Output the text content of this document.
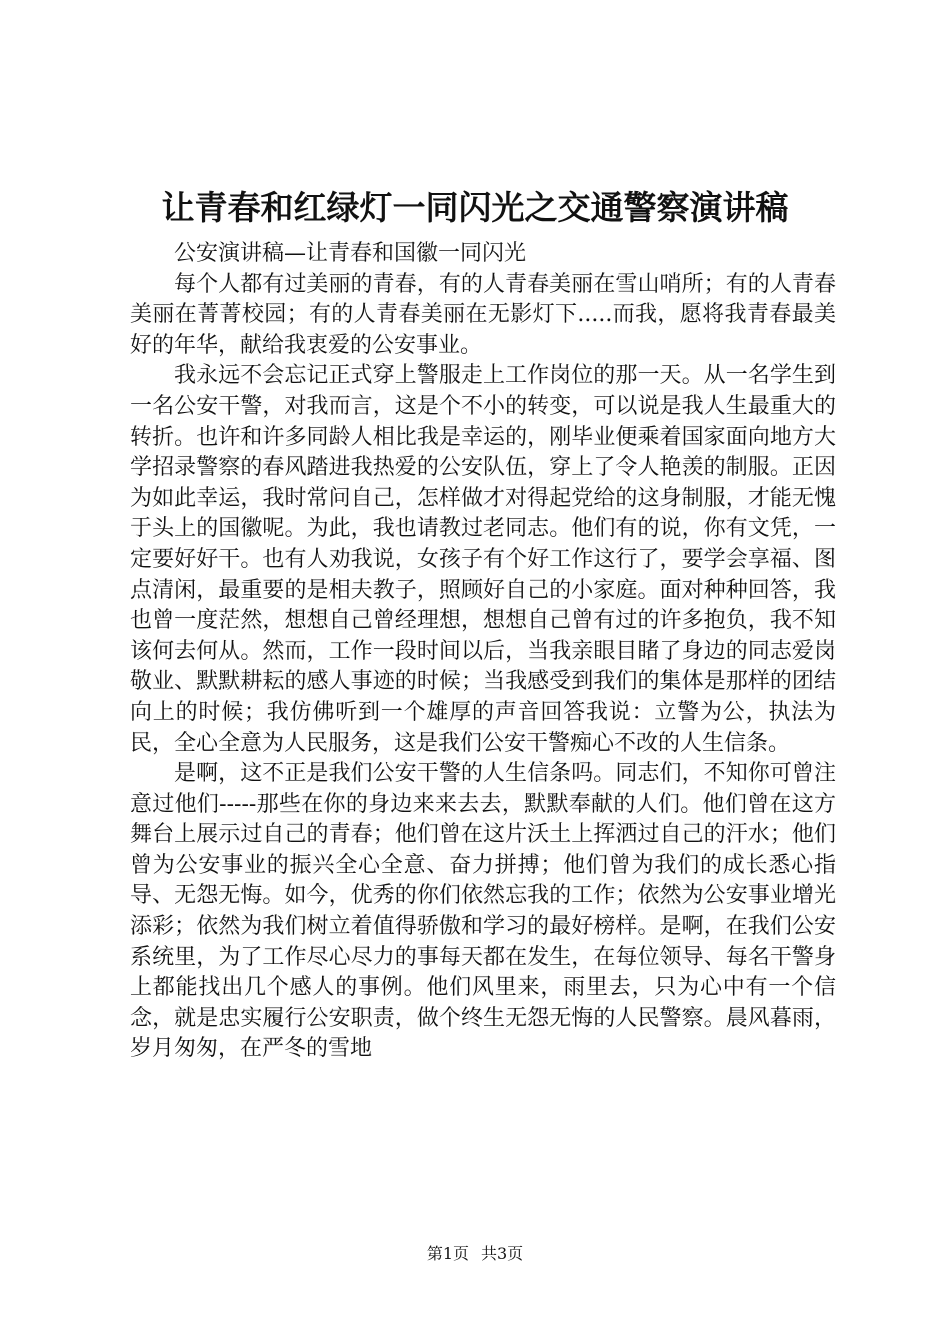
让青春和红绿灯一同闪光之交通警察演讲稿

公安演讲稿—让青春和国徽一同闪光

每个人都有过美丽的青春，有的人青春美丽在雪山哨所；有的人青春美丽在菁菁校园；有的人青春美丽在无影灯下.....而我，愿将我青春最美好的年华，献给我衷爱的公安事业。

我永远不会忘记正式穿上警服走上工作岗位的那一天。从一名学生到一名公安干警，对我而言，这是个不小的转变，可以说是我人生最重大的转折。也许和许多同龄人相比我是幸运的，刚毕业便乘着国家面向地方大学招录警察的春风踏进我热爱的公安队伍，穿上了令人艳羡的制服。正因为如此幸运，我时常问自己，怎样做才对得起党给的这身制服，才能无愧于头上的国徽呢。为此，我也请教过老同志。他们有的说，你有文凭，一定要好好干。也有人劝我说，女孩子有个好工作这行了，要学会享福、图点清闲，最重要的是相夫教子，照顾好自己的小家庭。面对种种回答，我也曾一度茫然，想想自己曾经理想，想想自己曾有过的许多抱负，我不知该何去何从。然而，工作一段时间以后，当我亲眼目睹了身边的同志爱岗敬业、默默耕耘的感人事迹的时候；当我感受到我们的集体是那样的团结向上的时候；我仿佛听到一个雄厚的声音回答我说：立警为公，执法为民，全心全意为人民服务，这是我们公安干警痴心不改的人生信条。

是啊，这不正是我们公安干警的人生信条吗。同志们，不知你可曾注意过他们-----那些在你的身边来来去去，默默奉献的人们。他们曾在这方舞台上展示过自己的青春；他们曾在这片沃土上挥洒过自己的汗水；他们曾为公安事业的振兴全心全意、奋力拼搏；他们曾为我们的成长悉心指导、无怨无悔。如今，优秀的你们依然忘我的工作；依然为公安事业增光添彩；依然为我们树立着值得骄傲和学习的最好榜样。是啊，在我们公安系统里，为了工作尽心尽力的事每天都在发生，在每位领导、每名干警身上都能找出几个感人的事例。他们风里来，雨里去，只为心中有一个信念，就是忠实履行公安职责，做个终生无怨无悔的人民警察。晨风暮雨，岁月匆匆，在严冬的雪地

第1页 共3页
